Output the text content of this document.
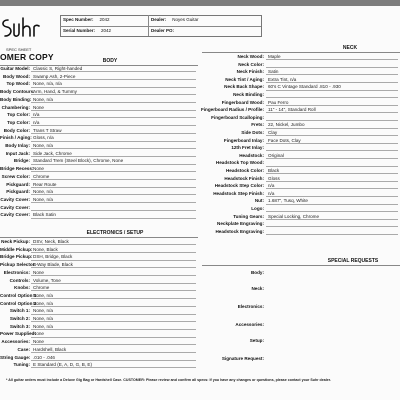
SPEC SHEET
OMER COPY
Spec Number: 2042
Serial Number: 2042
Dealer: Noyes Guitar
Dealer PO:
BODY
Guitar Model: Classic S, Right-handed
Body Wood: Swamp Ash, 2-Piece
Top Wood: None, n/a, n/a
Body Contours:
Arm, Hand, & Tummy
Body Binding: None, n/a
Chambering: None
Top Color: n/a
Top Color: n/a
Body Color: Trans T Straw
Finish / Aging: Gloss, n/a
Body Inlay: None, n/a
Input Jack: Side Jack, Chrome
Bridge: Standard Trem (Steel Block), Chrome, None
Bridge Recess: None
Screw Color: Chrome
Pickguard: Rear Route
Pickguard: None, n/a
Cavity Cover: None, n/a
Cavity Cover:
Cavity Cover: Black Satin
ELECTRONICS / SETUP
Neck Pickup: DSV, Neck, Black
Middle Pickup: None, Black
Bridge Pickup: DSH, Bridge, Black
Pickup Selector:
5-Way Blade, Black
Electronics: None
Controls: Volume, Tone
Knobs: Chrome
Control Option 1:
None, n/a
Control Option 2:
None, n/a
Switch 1: None, n/a
Switch 2: None, n/a
Switch 3: None, n/a
Power Supplied:
None
Accessories: None
Case: Hardshell, Black
String Gauge: .010 - .046
Tuning: E Standard (E, A, D, G, B, E)
NECK
Neck Wood: Maple
Neck Color:
Neck Finish: Satin
Neck Tint / Aging: Extra Tint, n/a
Neck Back Shape: 60's C Vintage Standard .810 - .930
Neck Binding:
Fingerboard Wood: Pau Ferro
Fingerboard Radius / Profile: 11" - 14", Standard Roll
Fingerboard Scalloping:
Frets: 22, Nickel, Jumbo
Side Dots: Clay
Fingerboard Inlay: Face Dots, Clay
12th Fret Inlay:
Headstock: Original
Headstock Top Wood:
Headstock Color: Black
Headstock Finish: Gloss
Headstock Step Color: n/a
Headstock Step Finish: n/a
Nut: 1.687", Tusq, White
Logo:
Tuning Gears: Special Locking, Chrome
Neckplate Engraving:
Headstock Engraving:
SPECIAL REQUESTS
Body:
Neck:
Electronics:
Accessories:
Setup:
Signature Request:
* All guitar orders must include a Deluxe Gig Bag or Hardshell Case. CUSTOMER: Please review and confirm all specs: If you have any changes or questions, please contact your Suhr dealer.
